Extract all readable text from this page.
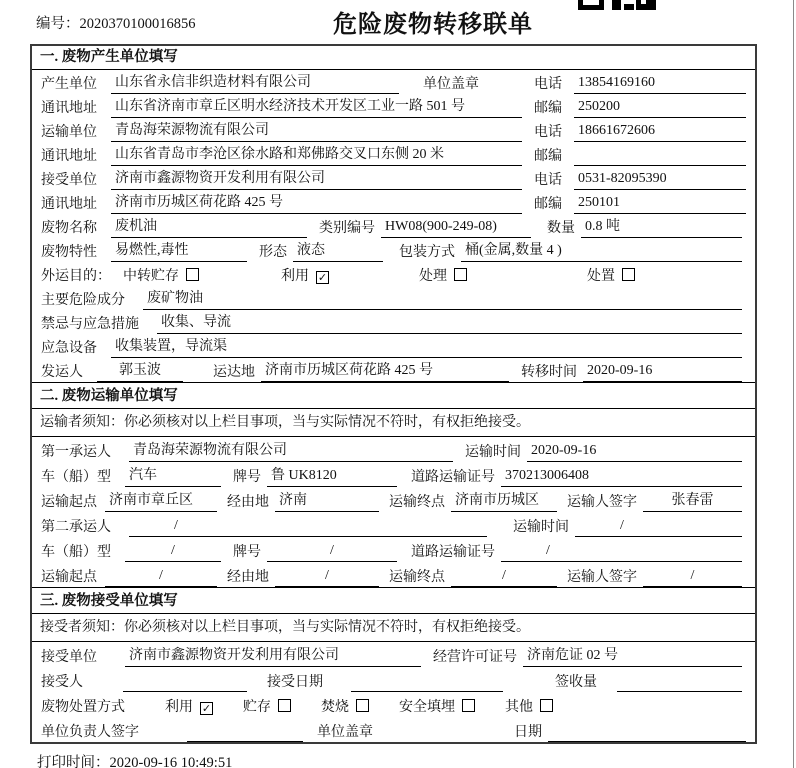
编号：2020370100016856	危险废物转移联单
一. 废物产生单位填写
产生单位	山东省永信非织造材料有限公司	单位盖章	电话	13854169160
通讯地址	山东省济南市章丘区明水经济技术开发区工业一路 501 号	邮编	250200
运输单位	青岛海荣源物流有限公司	电话	18661672606
通讯地址	山东省青岛市李沧区徐水路和郑佛路交叉口东侧 20 米	邮编
接受单位	济南市鑫源物资开发利用有限公司	电话	0531-82095390
通讯地址	济南市历城区荷花路 425 号	邮编	250101
废物名称	废机油	类别编号 HW08(900-249-08)	数量 0.8 吨
废物特性	易燃性,毒性	形态 液态	包装方式 桶(金属,数量 4 )
外运目的： 中转贮存	利用 ✓	处理	处置
主要危险成分	废矿物油
禁忌与应急措施	收集、导流
应急设备	收集装置，导流渠
发运人	郭玉波	运达地 济南市历城区荷花路 425 号	转移时间 2020-09-16
二. 废物运输单位填写
运输者须知：你必须核对以上栏目事项，当与实际情况不符时，有权拒绝接受。
第一承运人	青岛海荣源物流有限公司	运输时间 2020-09-16
车（船）型	汽车	牌号 鲁 UK8120	道路运输证号 370213006408
运输起点 济南市章丘区	经由地 济南	运输终点 济南市历城区	运输人签字	张春雷
第二承运人	/	运输时间	/
车（船）型	/	牌号	/	道路运输证号	/
运输起点	/	经由地	/	运输终点	/	运输人签字	/
三. 废物接受单位填写
接受者须知：你必须核对以上栏目事项，当与实际情况不符时，有权拒绝接受。
接受单位	济南市鑫源物资开发利用有限公司	经营许可证号 济南危证 02 号
接受人	接受日期	签收量
废物处置方式	利用 ✓ 贮存	焚烧	安全填埋	其他
单位负责人签字	单位盖章	日期
打印时间：2020-09-16 10:49:51
